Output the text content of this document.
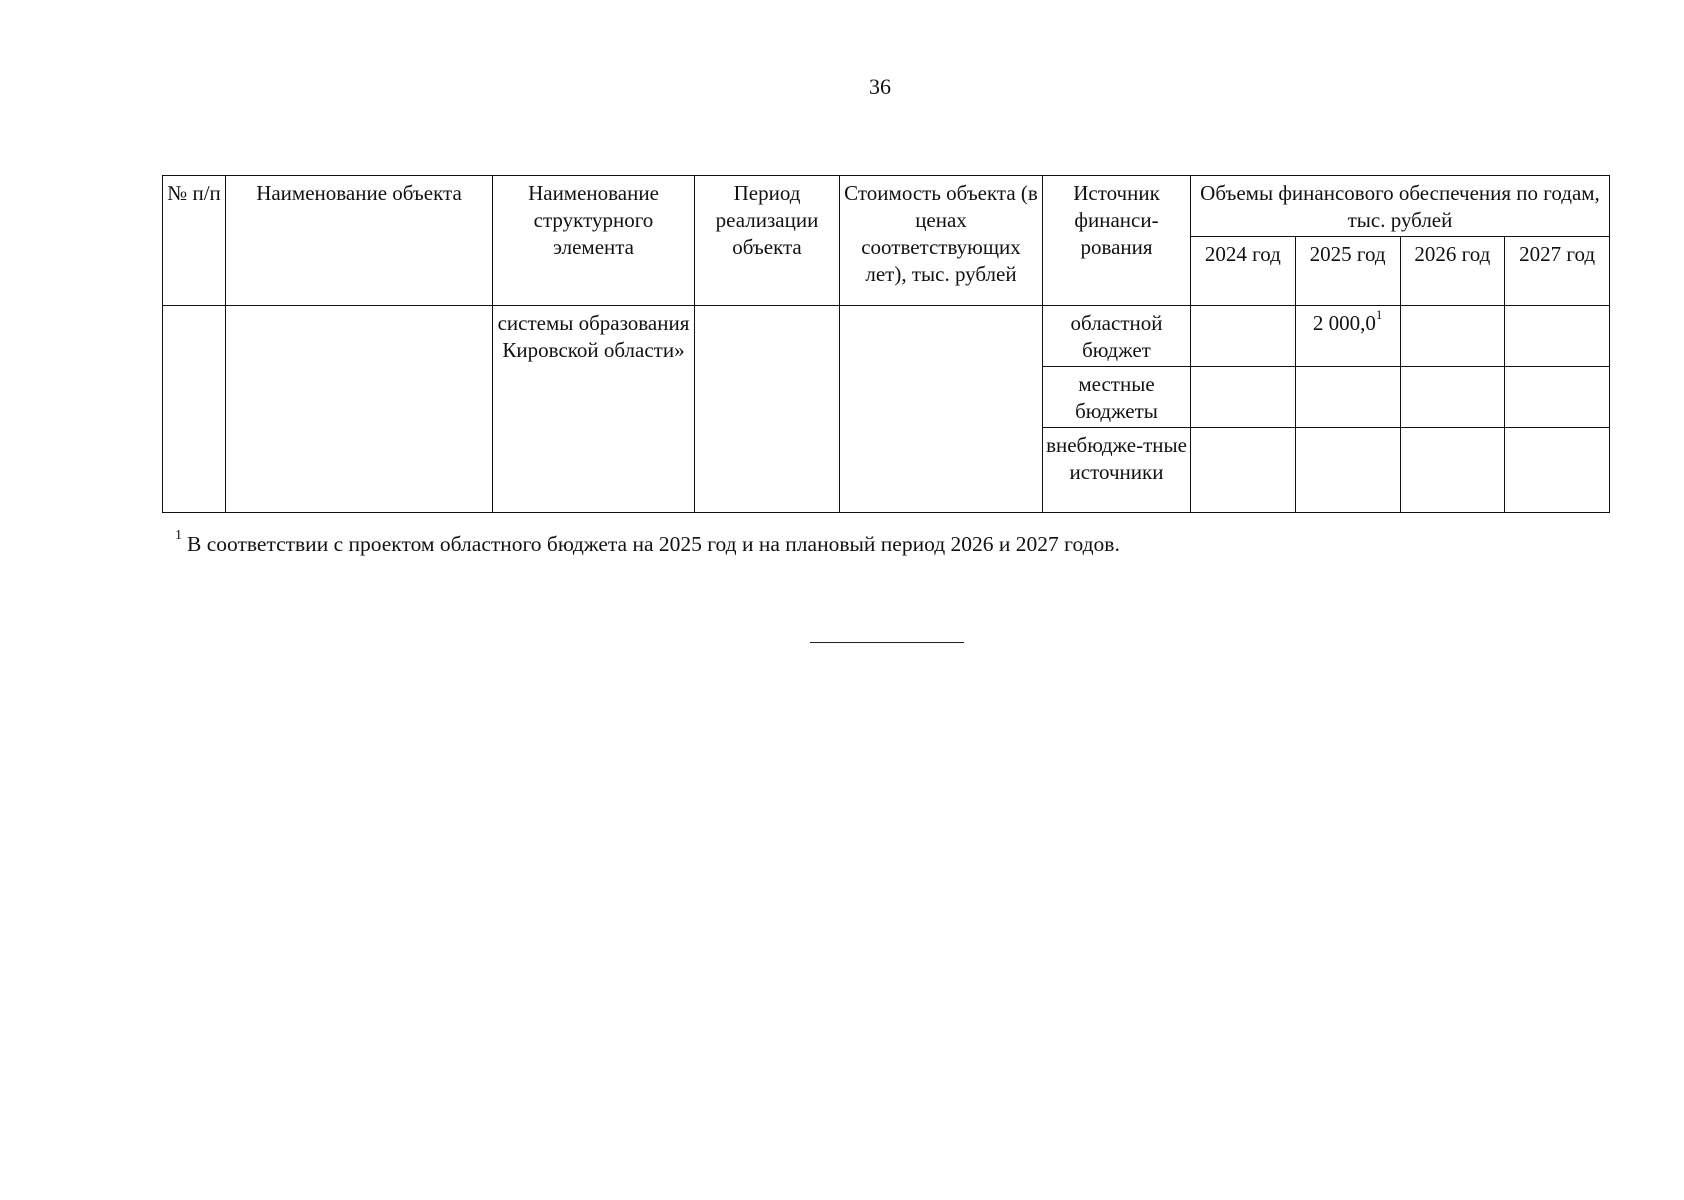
36
№ п/п	Наименование объекта	Наименование структурного элемента	Период реализации объекта	Стоимость объекта (в ценах соответствующих лет), тыс. рублей	Источник финанси-рования	Объемы финансового обеспечения по годам, тыс. рублей			
						2024 год	2025 год	2026 год	2027 год
		системы образования Кировской области»			областной бюджет		2 000,0$^1$		
					местные бюджеты				
					внебюдже-тные источники				
$^1$ В соответствии с проектом областного бюджета на 2025 год и на плановый период 2026 и 2027 годов.
